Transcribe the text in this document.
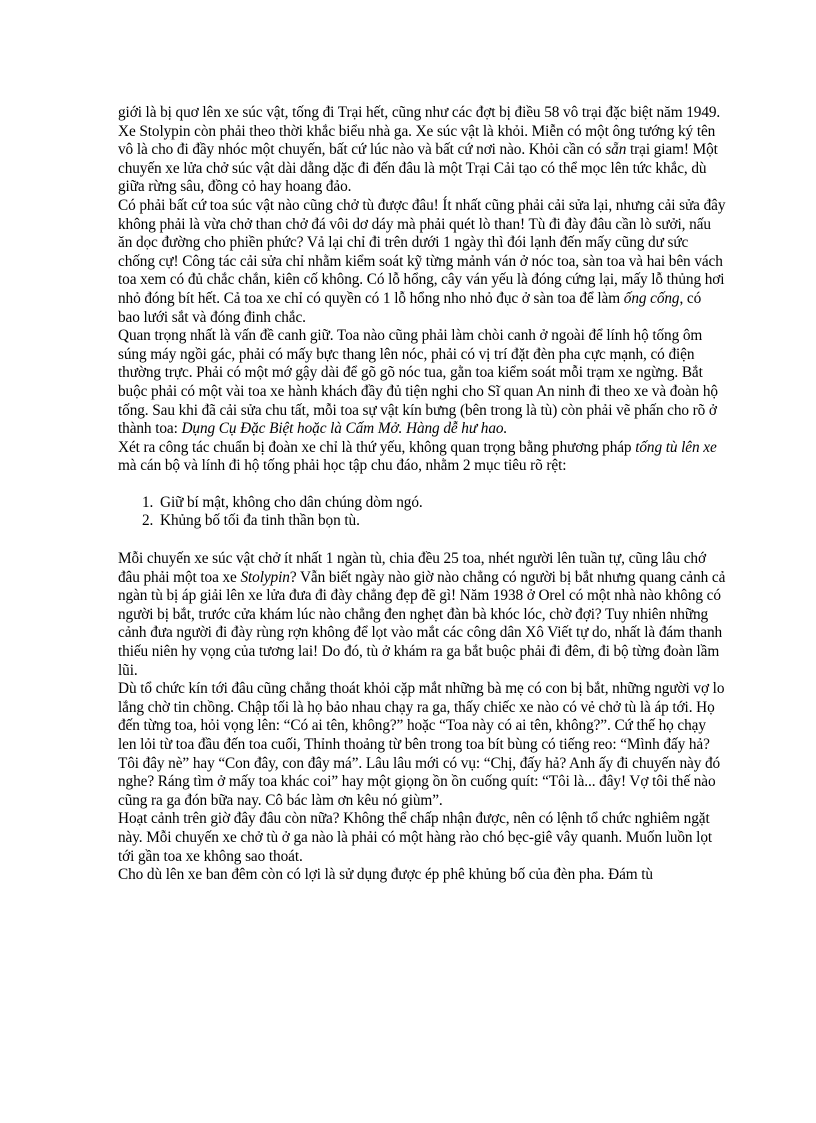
giới là bị quơ lên xe súc vật, tống đi Trại hết, cũng như các đợt bị điều 58 vô trại đặc biệt năm 1949.

Xe Stolypin còn phải theo thời khắc biểu nhà ga. Xe súc vật là khỏi. Miễn có một ông tướng ký tên vô là cho đi đầy nhóc một chuyến, bất cứ lúc nào và bất cứ nơi nào. Khỏi cần có sẵn trại giam! Một chuyến xe lửa chở súc vật dài dằng dặc đi đến đâu là một Trại Cải tạo có thể mọc lên tức khắc, dù giữa rừng sâu, đồng cỏ hay hoang đảo.

Có phải bất cứ toa súc vật nào cũng chở tù được đâu! Ít nhất cũng phải cải sửa lại, nhưng cải sửa đây không phải là vừa chở than chở đá vôi dơ dáy mà phải quét lò than! Tù đi đày đâu cần lò sưởi, nấu ăn dọc đường cho phiền phức? Vả lại chỉ đi trên dưới 1 ngày thì đói lạnh đến mấy cũng dư sức chống cự! Công tác cải sửa chỉ nhằm kiểm soát kỹ từng mảnh ván ở nóc toa, sàn toa và hai bên vách toa xem có đủ chắc chắn, kiên cố không. Có lỗ hổng, cây ván yếu là đóng cứng lại, mấy lỗ thủng hơi nhỏ đóng bít hết. Cả toa xe chỉ có quyền có 1 lỗ hổng nho nhỏ đục ở sàn toa để làm ống cống, có bao lưới sắt và đóng đinh chắc.

Quan trọng nhất là vấn đề canh giữ. Toa nào cũng phải làm chòi canh ở ngoài để lính hộ tống ôm súng máy ngồi gác, phải có mấy bực thang lên nóc, phải có vị trí đặt đèn pha cực mạnh, có điện thường trực. Phải có một mớ gậy dài để gõ gõ nóc tua, gằn toa kiểm soát mỗi trạm xe ngừng. Bắt buộc phải có một vài toa xe hành khách đầy đủ tiện nghi cho Sĩ quan An ninh đi theo xe và đoàn hộ tống. Sau khi đã cải sửa chu tất, mỗi toa sự vật kín bưng (bên trong là tù) còn phải vẽ phấn cho rõ ở thành toa: Dụng Cụ Đặc Biệt hoặc là Cấm Mở. Hàng dễ hư hao.

Xét ra công tác chuẩn bị đoàn xe chỉ là thứ yếu, không quan trọng bằng phương pháp tống tù lên xe mà cán bộ và lính đi hộ tống phải học tập chu đáo, nhằm 2 mục tiêu rõ rệt:

1. Giữ bí mật, không cho dân chúng dòm ngó.
2. Khủng bố tối đa tinh thần bọn tù.

Mỗi chuyến xe súc vật chở ít nhất 1 ngàn tù, chia đều 25 toa, nhét người lên tuần tự, cũng lâu chớ đâu phải một toa xe Stolypin? Vẫn biết ngày nào giờ nào chẳng có người bị bắt nhưng quang cảnh cả ngàn tù bị áp giải lên xe lửa đưa đi đày chẳng đẹp đẽ gì! Năm 1938 ở Orel có một nhà nào không có người bị bắt, trước cửa khám lúc nào chẳng đen nghẹt đàn bà khóc lóc, chờ đợi? Tuy nhiên những cảnh đưa người đi đày rùng rợn không để lọt vào mắt các công dân Xô Viết tự do, nhất là đám thanh thiếu niên hy vọng của tương lai! Do đó, tù ở khám ra ga bắt buộc phải đi đêm, đi bộ từng đoàn lầm lũi.

Dù tổ chức kín tới đâu cũng chẳng thoát khỏi cặp mắt những bà mẹ có con bị bắt, những người vợ lo lắng chờ tin chồng. Chập tối là họ bảo nhau chạy ra ga, thấy chiếc xe nào có vẻ chở tù là áp tới. Họ đến từng toa, hỏi vọng lên: “Có ai tên, không?” hoặc “Toa này có ai tên, không?”. Cứ thế họ chạy len lỏi từ toa đầu đến toa cuối, Thỉnh thoảng từ bên trong toa bít bùng có tiếng reo: “Mình đấy hả? Tôi đây nè” hay “Con đây, con đây má”. Lâu lâu mới có vụ: “Chị, đấy hả? Anh ấy đi chuyến này đó nghe? Ráng tìm ở mấy toa khác coi” hay một giọng ồn ồn cuống quít: “Tôi là... đây! Vợ tôi thế nào cũng ra ga đón bữa nay. Cô bác làm ơn kêu nó giùm”.

Hoạt cảnh trên giờ đây đâu còn nữa? Không thể chấp nhận được, nên có lệnh tổ chức nghiêm ngặt này. Mỗi chuyến xe chở tù ở ga nào là phải có một hàng rào chó bẹc-giê vây quanh. Muốn luồn lọt tới gần toa xe không sao thoát.

Cho dù lên xe ban đêm còn có lợi là sử dụng được ép phê khủng bố của đèn pha. Đám tù
